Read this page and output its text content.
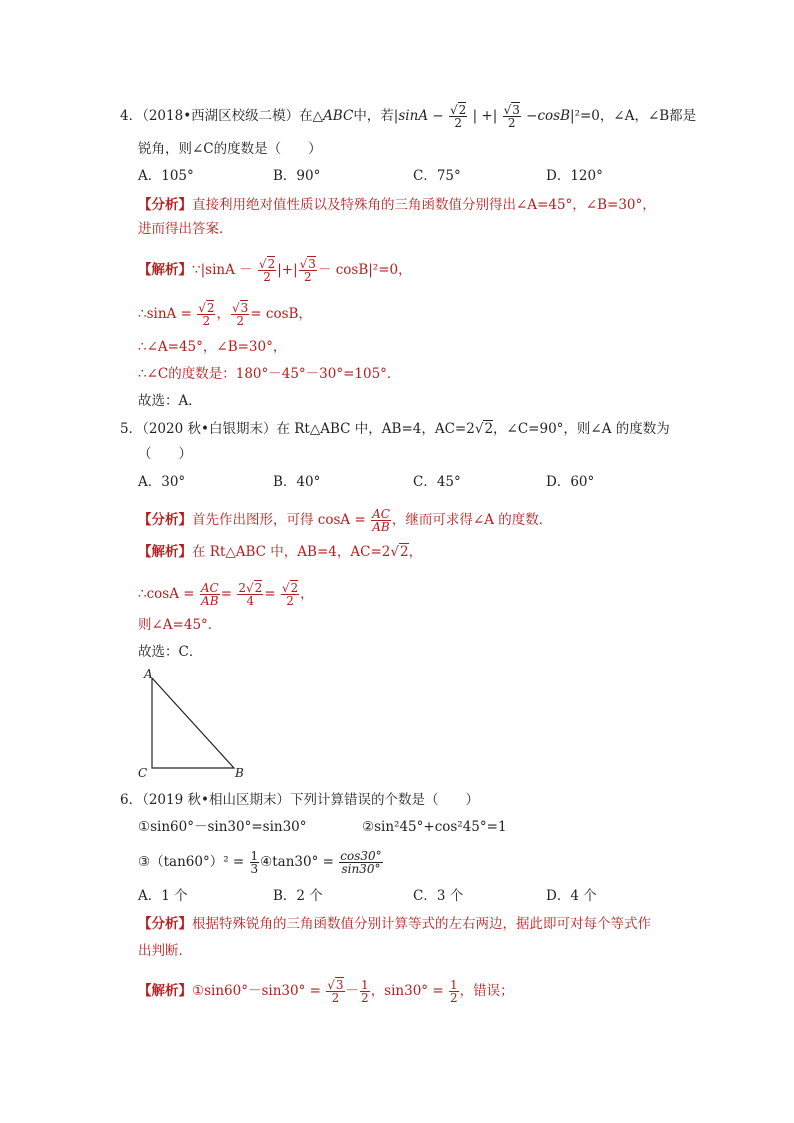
4．（2018•西湖区校级二模）在△ABC中，若$|\sin A - \frac{√2}{2}$ | +| $\frac{√3}{2} -\cos B|^2=0$，∠A，∠B都是
锐角，则∠C的度数是（　　）
A．105°	B．90°	C．75°	D．120°
【分析】直接利用绝对值性质以及特殊角的三角函数值分别得出∠A=45°，∠B=30°，
进而得出答案．
【解析】∵|sinA － $\frac{√2}{2}$ |+| $\frac{√3}{2} - \cos B|^2=0$，
∴sinA = $\frac{√2}{2}$ ， $\frac{√3}{2} = \cos B$，
∴∠A=45°，∠B=30°，
∴∠C的度数是：180°－45°－30°=105°．
故选：A．
5．（2020 秋•白银期末）在 Rt△ABC 中，AB=4，AC=2√2，∠C=90°，则∠A 的度数为
（　　）
A．30°	B．40°	C．45°	D．60°
【分析】首先作出图形，可得 $\cos A = \frac{AC}{AB}$ ，继而可求得∠A 的度数．
【解析】在 Rt△ABC 中，AB=4，AC=2√2，
∴cosA = $\frac{AC}{AB} = \frac{2√2}{4} = \frac{√2}{2}$ ，
则∠A=45°．
故选：C．
A
C	B
6．（2019 秋•相山区期末）下列计算错误的个数是（　　）
①sin60°－sin30°=sin30°	②sin²45°+cos²45°=1
③（tan60°）² = $\frac{1}{3}$ ④tan30° = $\frac{\cos 30^\circ}{\sin 30^\circ}$
A．1 个	B．2 个	C．3 个	D．4 个
【分析】根据特殊锐角的三角函数值分别计算等式的左右两边，据此即可对每个等式作
出判断．
【解析】①sin60°－sin30° = $\frac{√3}{2} - \frac{1}{2}$ ，$\sin 30^\circ = \frac{1}{2}$ ，错误；
